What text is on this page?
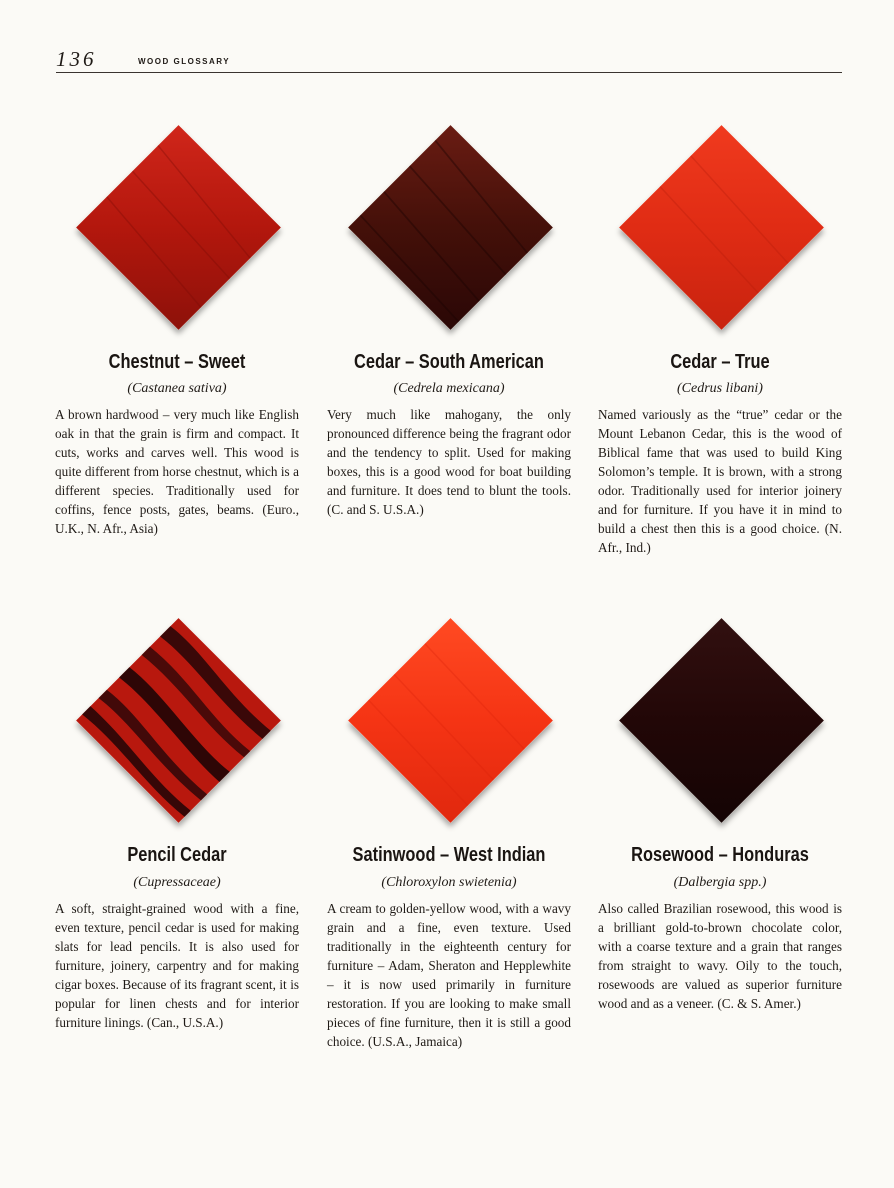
136	WOOD GLOSSARY
Chestnut – Sweet
(Castanea sativa)

A brown hardwood – very much like English oak in that the grain is firm and compact. It cuts, works and carves well. This wood is quite different from horse chestnut, which is a different species. Traditionally used for coffins, fence posts, gates, beams. (Euro., U.K., N. Afr., Asia)

Cedar – South American
(Cedrela mexicana)

Very much like mahogany, the only pronounced difference being the fragrant odor and the tendency to split. Used for making boxes, this is a good wood for boat building and furniture. It does tend to blunt the tools. (C. and S. U.S.A.)

Cedar – True
(Cedrus libani)

Named variously as the “true” cedar or the Mount Lebanon Cedar, this is the wood of Biblical fame that was used to build King Solomon’s temple. It is brown, with a strong odor. Traditionally used for interior joinery and for furniture. If you have it in mind to build a chest then this is a good choice. (N. Afr., Ind.)

Pencil Cedar
(Cupressaceae)

A soft, straight-grained wood with a fine, even texture, pencil cedar is used for making slats for lead pencils. It is also used for furniture, joinery, carpentry and for making cigar boxes. Because of its fragrant scent, it is popular for linen chests and for interior furniture linings. (Can., U.S.A.)

Satinwood – West Indian
(Chloroxylon swietenia)

A cream to golden-yellow wood, with a wavy grain and a fine, even texture. Used traditionally in the eighteenth century for furniture – Adam, Sheraton and Hepplewhite – it is now used primarily in furniture restoration. If you are looking to make small pieces of fine furniture, then it is still a good choice. (U.S.A., Jamaica)

Rosewood – Honduras
(Dalbergia spp.)

Also called Brazilian rosewood, this wood is a brilliant gold-to-brown chocolate color, with a coarse texture and a grain that ranges from straight to wavy. Oily to the touch, rosewoods are valued as superior furniture wood and as a veneer. (C. & S. Amer.)
